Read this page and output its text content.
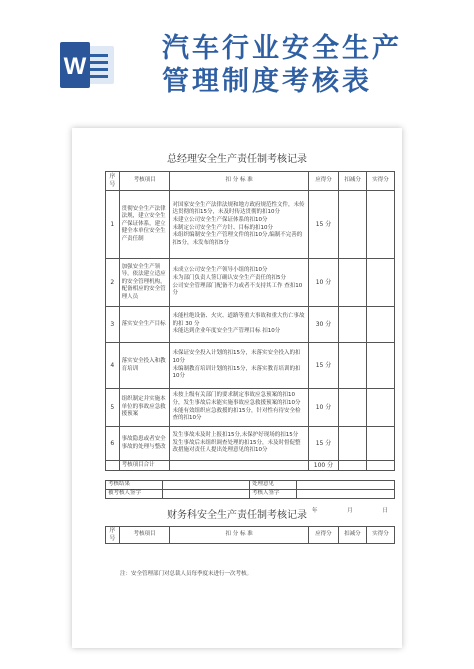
W
汽车行业安全生产
管理制度考核表
总经理安全生产责任制考核记录
序号	考核项目	扣 分 标 准	应得分	扣减分	实得分
1	贯彻安全生产法律法规，建立安全生产保证体系，建立健全本单位安全生产责任制	对国家安全生产法律法规和地方政府规范性文件，未传达贯彻的扣15分，未及时传达贯彻的扣10分
未建立公司安全生产保证体系的扣10分
未制定公司安全生产方针、目标的扣10分
未组织编制安全生产管理文件的扣10分,编制不完善的扣5分，未发布的扣5分	15 分		
2	加强安全生产领导，依法建立适应的安全管理机构，配备相应的安全管理人员	未成立公司安全生产领导小组的扣10分
未为部门负责人签订确认安全生产责任的扣5分
公司安全管理部门配备不力或者不支持其工作 查扣10分	10 分		
3	落实安全生产目标	未能杜绝设备、火灾、道路等重大事故和重大伤亡事故的扣 30 分
未能达到企业年度安全生产管理目标 扣10分	30 分		
4	落实安全投入和教育培训	未保证安全投入计划的扣15分，未落实安全投入的扣10分
未编制教育培训计划的扣15分，未落实教育培训的扣10分	15 分		
5	组织制定并实施本单位的事故应急救援预案	未按上级有关部门的要求制定事故应急预案的扣10分，发生事故后未能实施事故应急救援预案的扣10分
未能有效组织应急救援的扣15分，针对性有待安全检查的扣10分	10 分		
6	事故隐患或者安全事故的处理与整改	发生事故未及时上报扣15分,未保护好现场的扣15分
发生事故后未组织调查处理的扣15分，未及时督促整改措施对责任人提出处理意见的扣10分	15 分		
	考核项目合计		100 分		
考核结果		处理意见	
被考核人签字		考核人签字	
财务科安全生产责任制考核记录 年 月 日
序号	考核项目	扣 分 标 准	应得分	扣减分	实得分
注：安全管理部门对总裁人员每季度末进行一次考核。
